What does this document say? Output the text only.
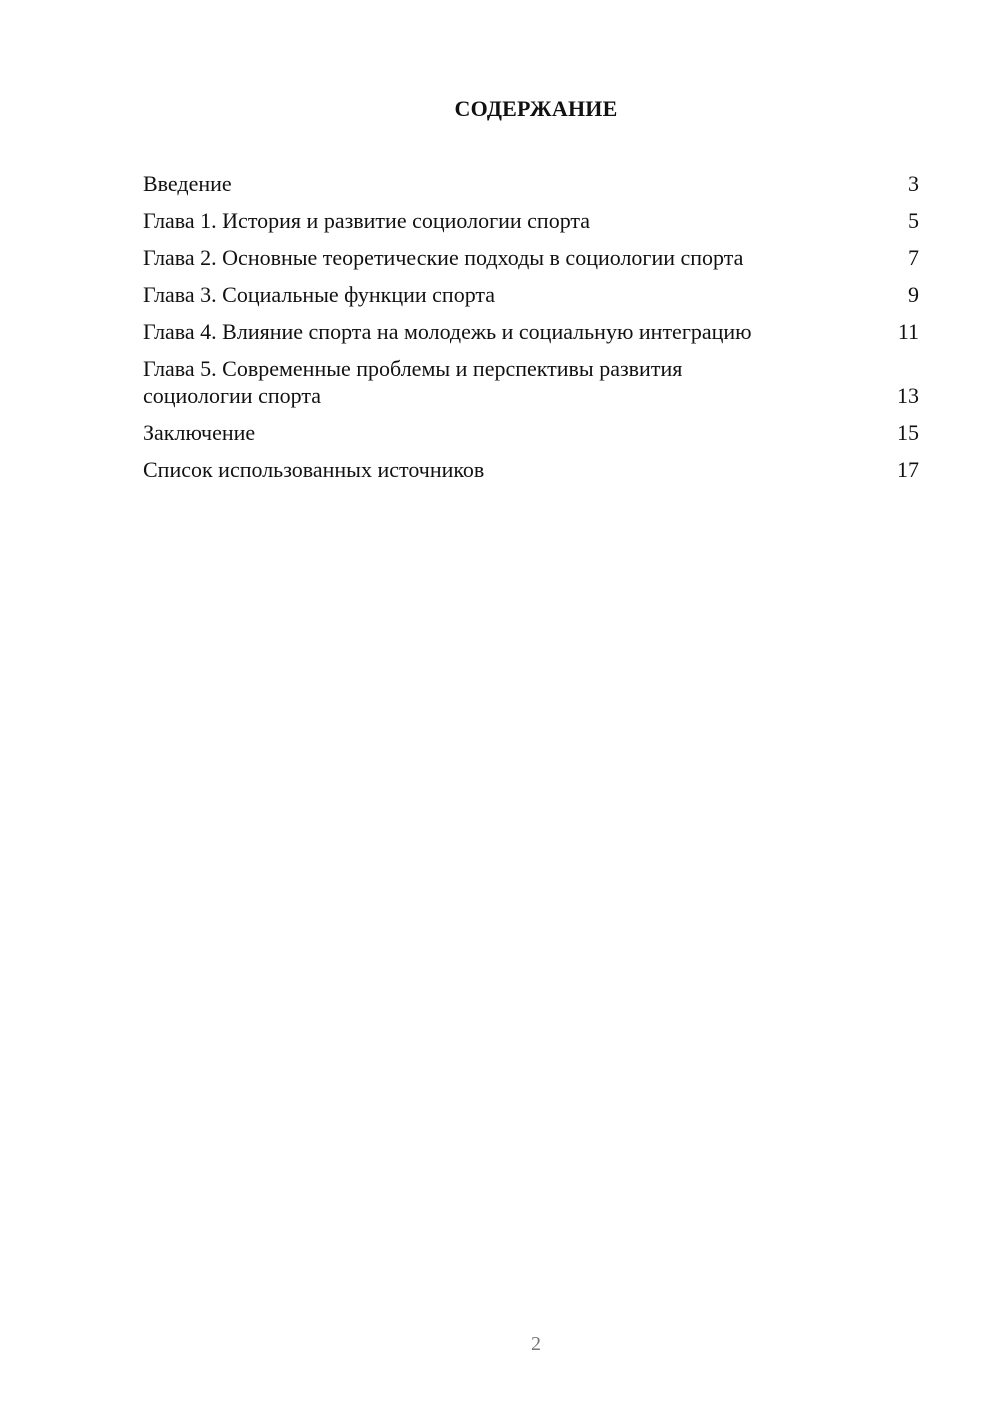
СОДЕРЖАНИЕ
Введение	3
Глава 1. История и развитие социологии спорта	5
Глава 2. Основные теоретические подходы в социологии спорта	7
Глава 3. Социальные функции спорта	9
Глава 4. Влияние спорта на молодежь и социальную интеграцию	11
Глава 5. Современные проблемы и перспективы развития социологии спорта	13
Заключение	15
Список использованных источников	17
2
